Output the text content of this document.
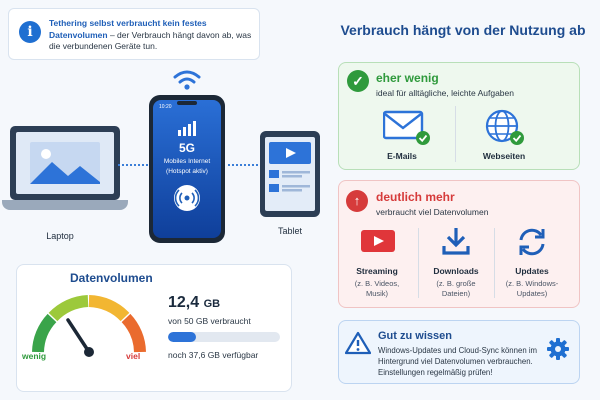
i
Tethering selbst verbraucht kein festes Datenvolumen – der Verbrauch hängt davon ab, was die verbundenen Geräte tun.
Laptop
10:20
5G
Mobiles Internet
(Hotspot aktiv)
Tablet
Datenvolumen
wenig	viel
12,4 GB
von 50 GB verbraucht
noch 37,6 GB verfügbar
Verbrauch hängt von der Nutzung ab
✓	eher wenig
ideal für alltägliche, leichte Aufgaben
E-Mails	Webseiten
↑	deutlich mehr
verbraucht viel Datenvolumen
Streaming
(z. B. Videos,
Musik)
Downloads
(z. B. große
Dateien)
Updates
(z. B. Windows-
Updates)
Gut zu wissen
Windows-Updates und Cloud-Sync können im Hintergrund viel Datenvolumen verbrauchen. Einstellungen regelmäßig prüfen!
